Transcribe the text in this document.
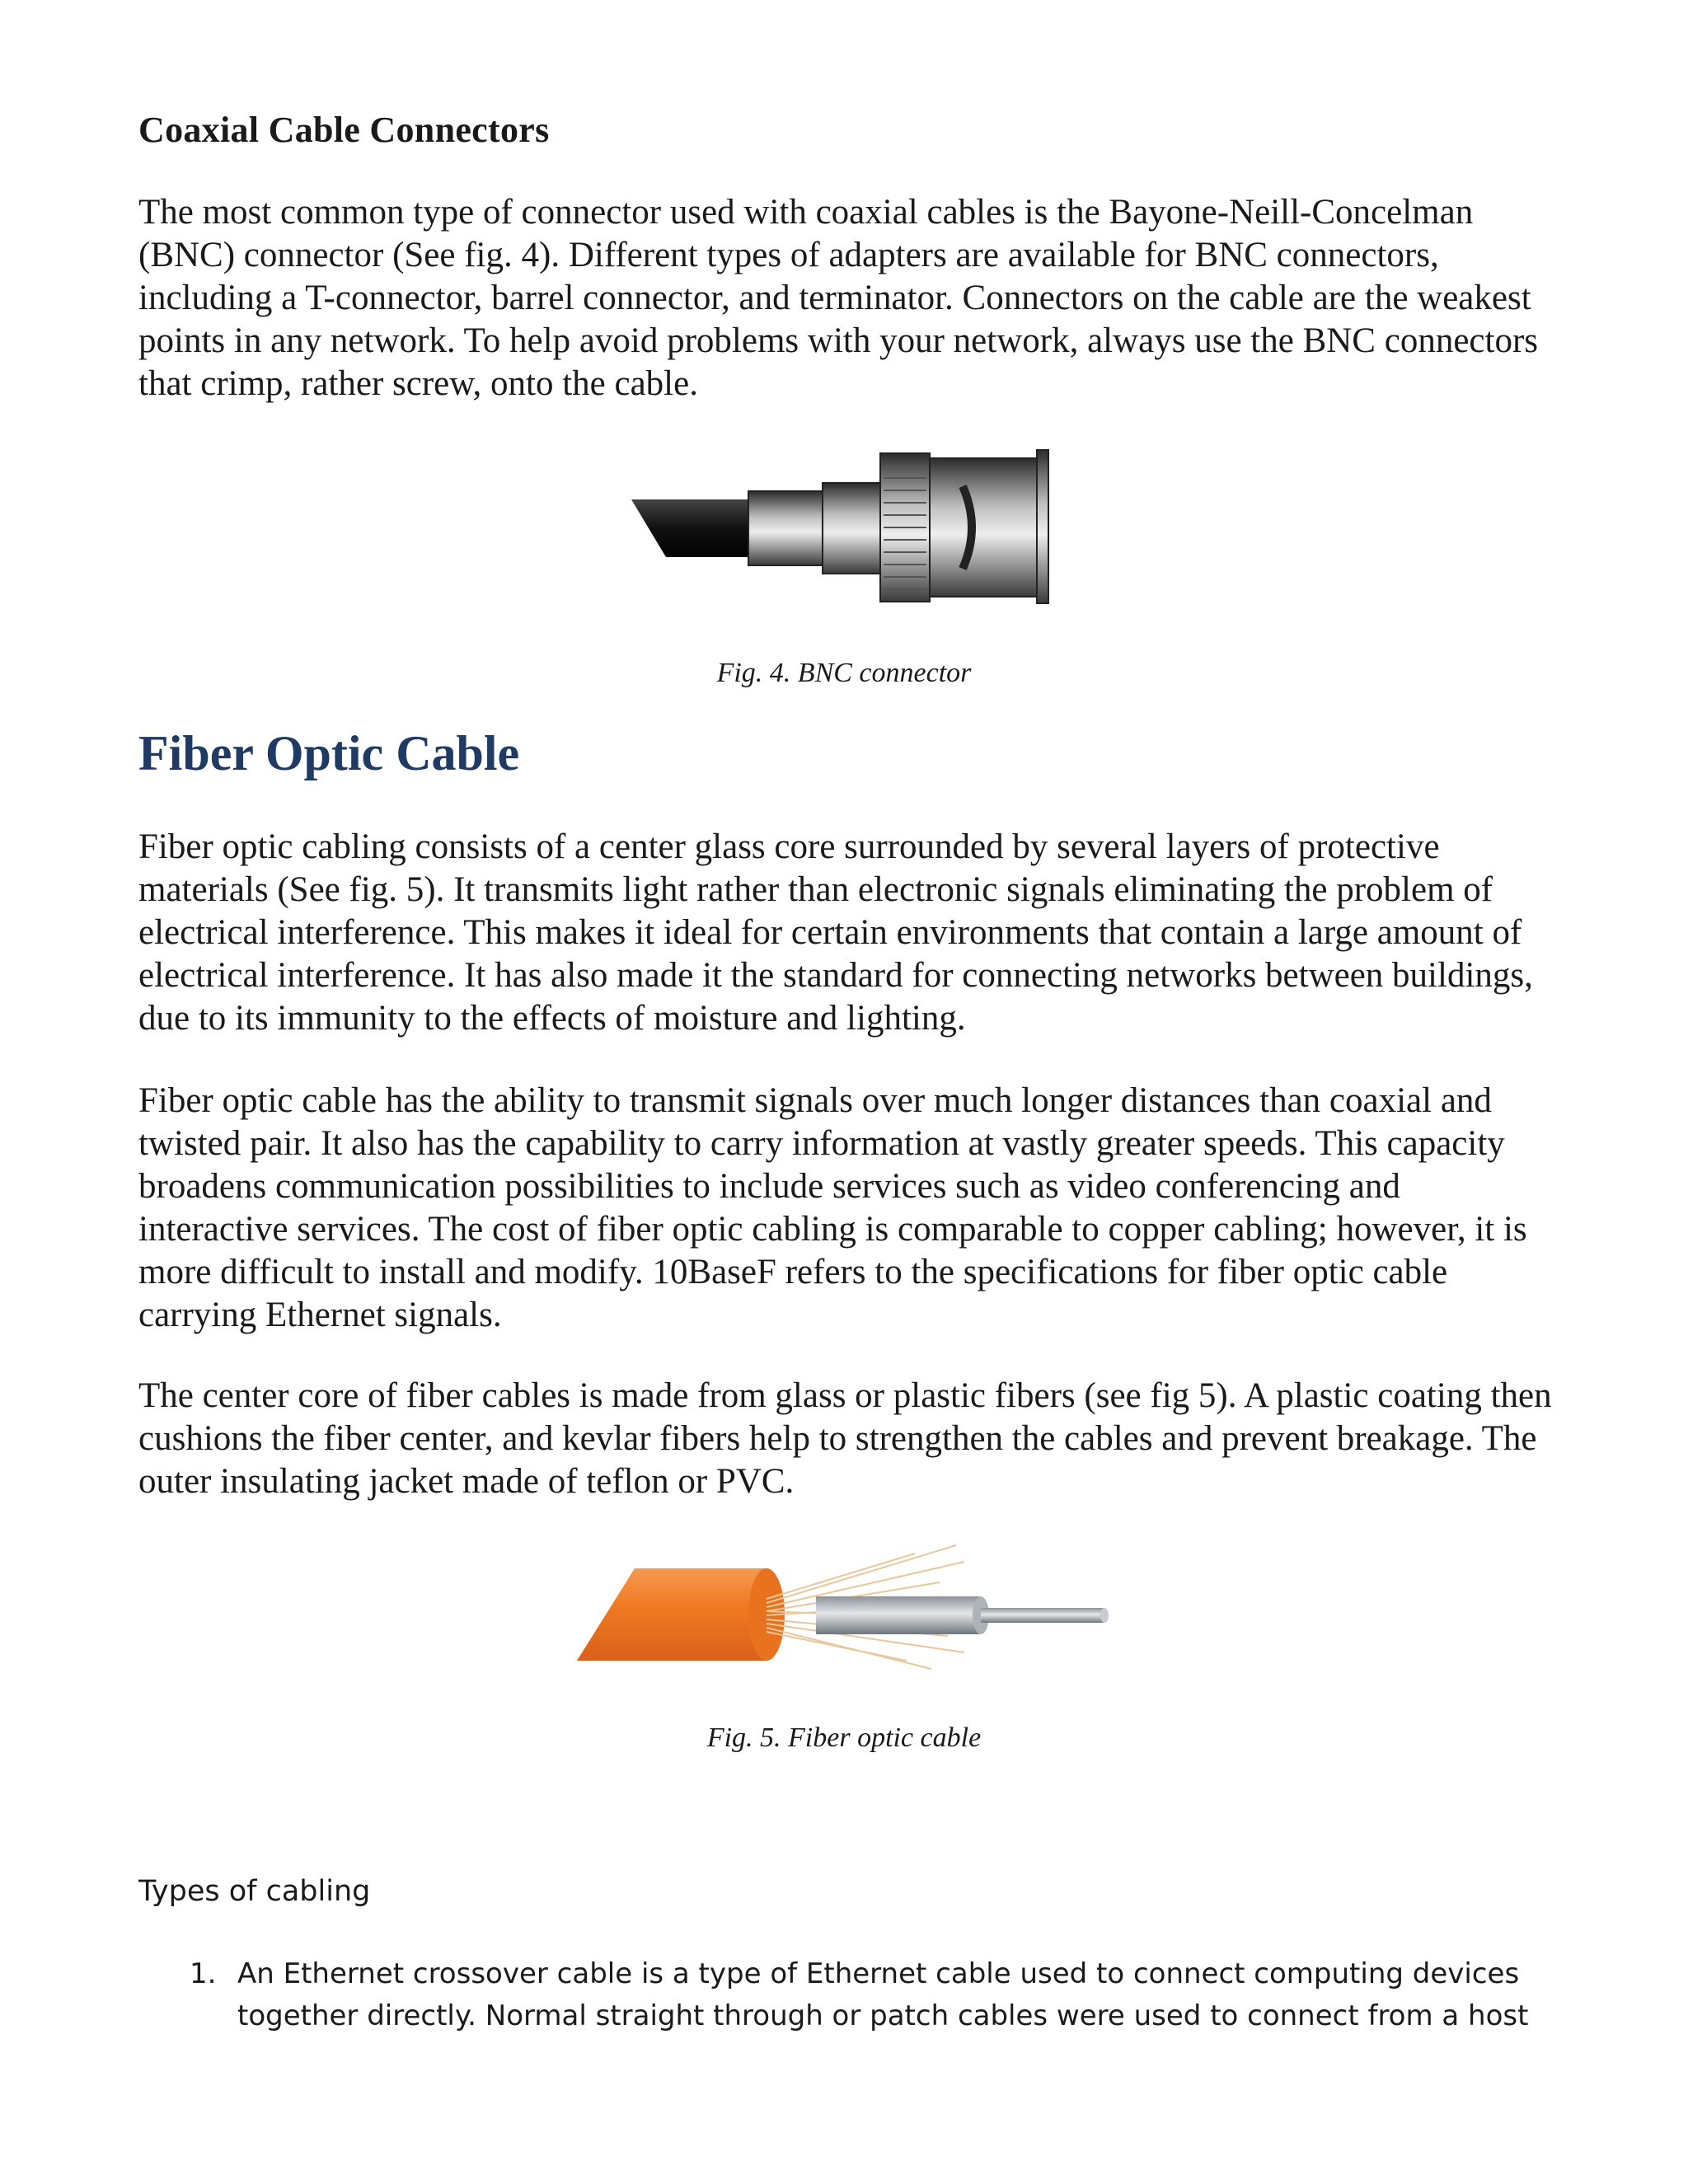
Coaxial Cable Connectors

The most common type of connector used with coaxial cables is the Bayone-Neill-Concelman (BNC) connector (See fig. 4). Different types of adapters are available for BNC connectors, including a T-connector, barrel connector, and terminator. Connectors on the cable are the weakest points in any network. To help avoid problems with your network, always use the BNC connectors that crimp, rather screw, onto the cable.

Fig. 4. BNC connector

Fiber Optic Cable

Fiber optic cabling consists of a center glass core surrounded by several layers of protective materials (See fig. 5). It transmits light rather than electronic signals eliminating the problem of electrical interference. This makes it ideal for certain environments that contain a large amount of electrical interference. It has also made it the standard for connecting networks between buildings, due to its immunity to the effects of moisture and lighting.

Fiber optic cable has the ability to transmit signals over much longer distances than coaxial and twisted pair. It also has the capability to carry information at vastly greater speeds. This capacity broadens communication possibilities to include services such as video conferencing and interactive services. The cost of fiber optic cabling is comparable to copper cabling; however, it is more difficult to install and modify. 10BaseF refers to the specifications for fiber optic cable carrying Ethernet signals.

The center core of fiber cables is made from glass or plastic fibers (see fig 5). A plastic coating then cushions the fiber center, and kevlar fibers help to strengthen the cables and prevent breakage. The outer insulating jacket made of teflon or PVC.

Fig. 5. Fiber optic cable

Types of cabling

1. An Ethernet crossover cable is a type of Ethernet cable used to connect computing devices together directly. Normal straight through or patch cables were used to connect from a host
